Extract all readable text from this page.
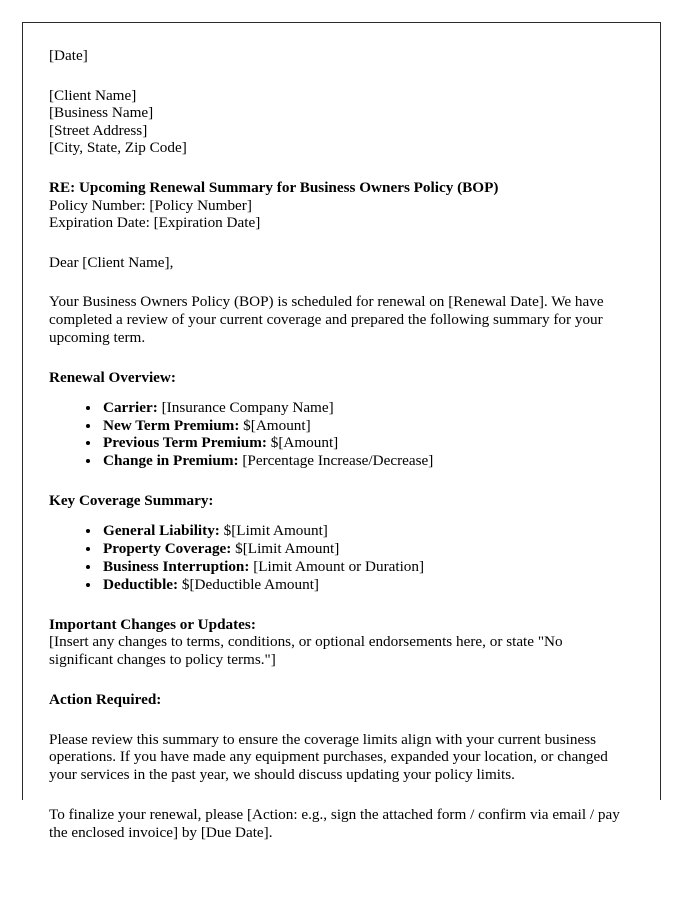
[Date]
[Client Name]
[Business Name]
[Street Address]
[City, State, Zip Code]
RE: Upcoming Renewal Summary for Business Owners Policy (BOP)
Policy Number: [Policy Number]
Expiration Date: [Expiration Date]
Dear [Client Name],
Your Business Owners Policy (BOP) is scheduled for renewal on [Renewal Date]. We have completed a review of your current coverage and prepared the following summary for your upcoming term.
Renewal Overview:
• Carrier: [Insurance Company Name]
• New Term Premium: $[Amount]
• Previous Term Premium: $[Amount]
• Change in Premium: [Percentage Increase/Decrease]
Key Coverage Summary:
• General Liability: $[Limit Amount]
• Property Coverage: $[Limit Amount]
• Business Interruption: [Limit Amount or Duration]
• Deductible: $[Deductible Amount]
Important Changes or Updates:
[Insert any changes to terms, conditions, or optional endorsements here, or state "No significant changes to policy terms."]
Action Required:
Please review this summary to ensure the coverage limits align with your current business operations. If you have made any equipment purchases, expanded your location, or changed your services in the past year, we should discuss updating your policy limits.
To finalize your renewal, please [Action: e.g., sign the attached form / confirm via email / pay the enclosed invoice] by [Due Date].
